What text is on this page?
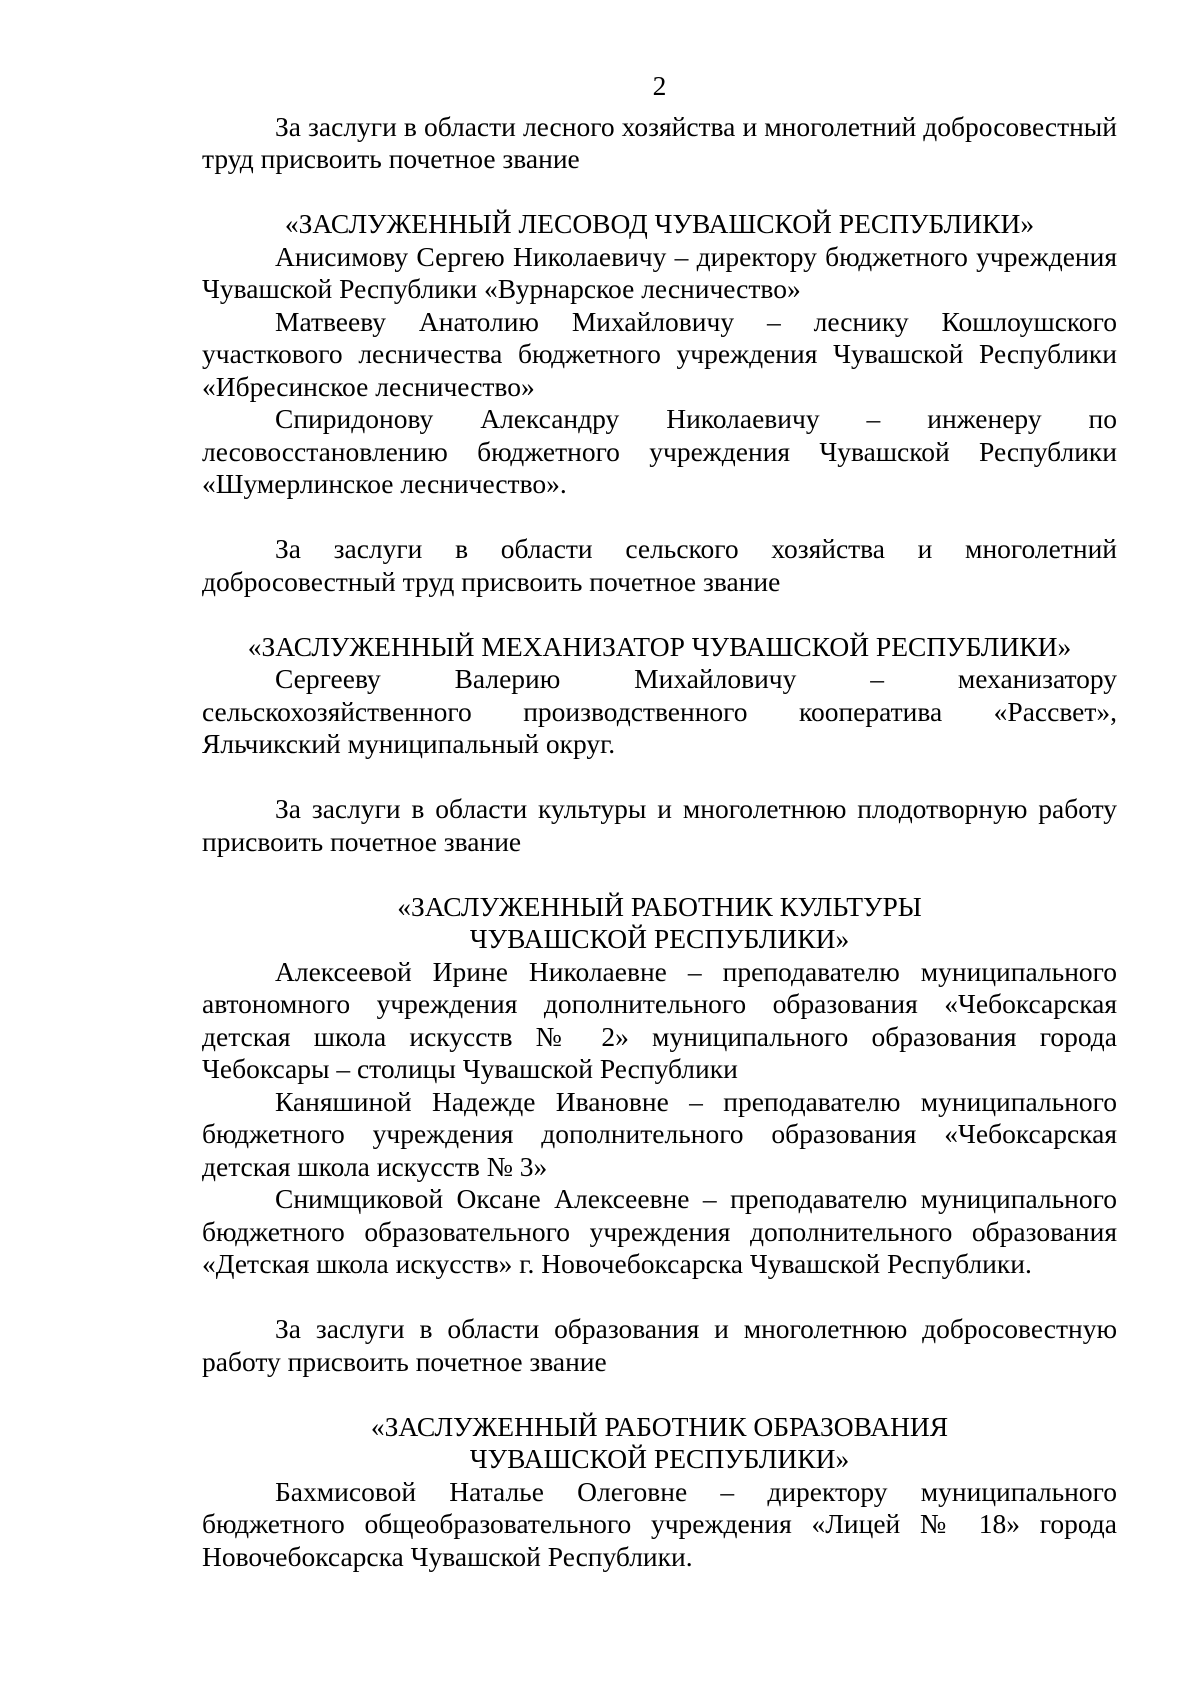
2

За заслуги в области лесного хозяйства и многолетний добросовестный труд присвоить почетное звание

«ЗАСЛУЖЕННЫЙ ЛЕСОВОД ЧУВАШСКОЙ РЕСПУБЛИКИ»

Анисимову Сергею Николаевичу – директору бюджетного учреждения Чувашской Республики «Вурнарское лесничество»

Матвееву Анатолию Михайловичу – леснику Кошлоушского участкового лесничества бюджетного учреждения Чувашской Республики «Ибресинское лесничество»

Спиридонову Александру Николаевичу – инженеру по лесовосстановлению бюджетного учреждения Чувашской Республики «Шумерлинское лесничество».

За заслуги в области сельского хозяйства и многолетний добросовестный труд присвоить почетное звание

«ЗАСЛУЖЕННЫЙ МЕХАНИЗАТОР ЧУВАШСКОЙ РЕСПУБЛИКИ»

Сергееву Валерию Михайловичу – механизатору сельскохозяйственного производственного кооператива «Рассвет», Яльчикский муниципальный округ.

За заслуги в области культуры и многолетнюю плодотворную работу присвоить почетное звание

«ЗАСЛУЖЕННЫЙ РАБОТНИК КУЛЬТУРЫ
ЧУВАШСКОЙ РЕСПУБЛИКИ»

Алексеевой Ирине Николаевне – преподавателю муниципального автономного учреждения дополнительного образования «Чебоксарская детская школа искусств № 2» муниципального образования города Чебоксары – столицы Чувашской Республики

Каняшиной Надежде Ивановне – преподавателю муниципального бюджетного учреждения дополнительного образования «Чебоксарская детская школа искусств № 3»

Снимщиковой Оксане Алексеевне – преподавателю муниципального бюджетного образовательного учреждения дополнительного образования «Детская школа искусств» г. Новочебоксарска Чувашской Республики.

За заслуги в области образования и многолетнюю добросовестную работу присвоить почетное звание

«ЗАСЛУЖЕННЫЙ РАБОТНИК ОБРАЗОВАНИЯ
ЧУВАШСКОЙ РЕСПУБЛИКИ»

Бахмисовой Наталье Олеговне – директору муниципального бюджетного общеобразовательного учреждения «Лицей № 18» города Новочебоксарска Чувашской Республики.
